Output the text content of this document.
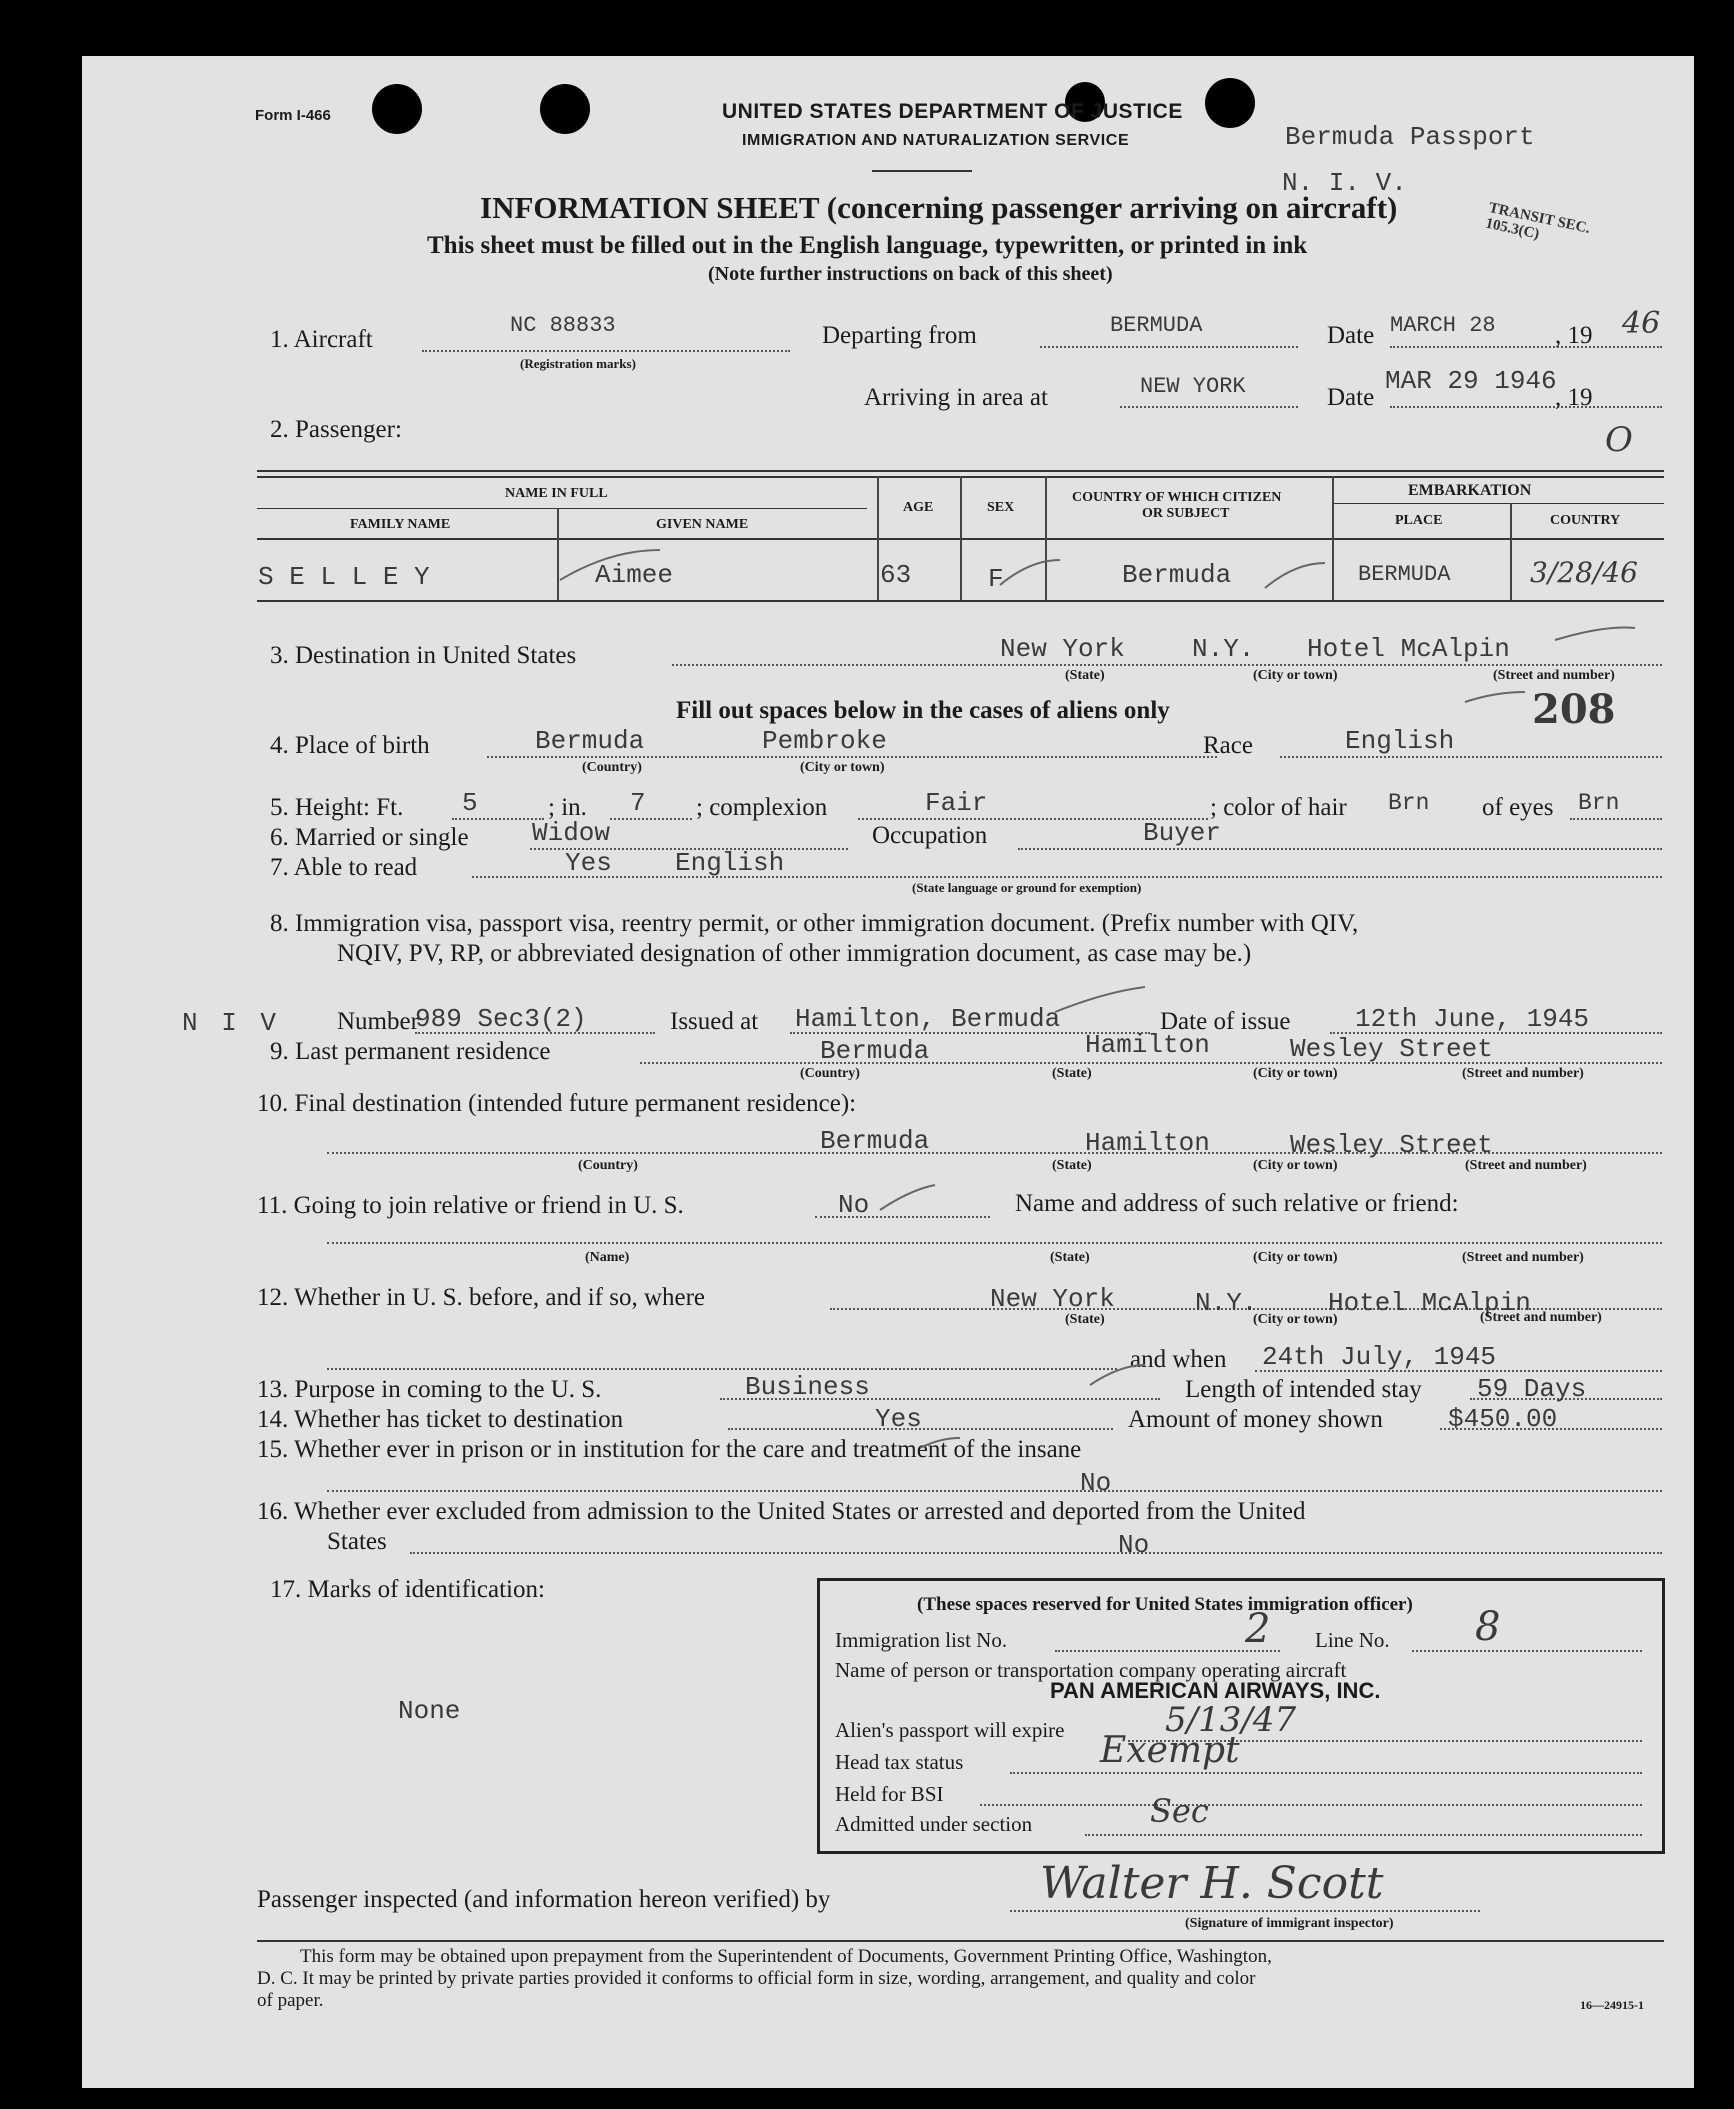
Form I-466	UNITED STATES DEPARTMENT OF JUSTICE
IMMIGRATION AND NATURALIZATION SERVICE	Bermuda Passport
N. I. V.
TRANSIT SEC. 105.3(C)
INFORMATION SHEET (concerning passenger arriving on aircraft)
This sheet must be filled out in the English language, typewritten, or printed in ink
(Note further instructions on back of this sheet)
1. Aircraft
NC 88833
(Registration marks)
Departing from	BERMUDA	Date MARCH 28 , 19 46
Arriving in area at	NEW YORK	Date
MAR 29 1946
, 19
2. Passenger:	O
NAME IN FULL
FAMILY NAME	GIVEN NAME
AGE	SEX
COUNTRY OF WHICH CITIZEN
OR SUBJECT
EMBARKATION
PLACE	COUNTRY
S E L L E Y	Aimee	63	F	Bermuda	BERMUDA	3/28/46
3. Destination in United States	New York	N.Y. Hotel McAlpin
(State)	(City or town)	(Street and number)
Fill out spaces below in the cases of aliens only	208
4. Place of birth	Bermuda	Pembroke
(Country)	(City or town)
Race	English
5. Height: Ft. 5	; in. 7 ; complexion	Fair	; color of hair Brn of eyes Brn
6. Married or single Widow	Occupation	Buyer
7. Able to read	Yes English
(State language or ground for exemption)
8. Immigration visa, passport visa, reentry permit, or other immigration document. (Prefix number with QIV,
NQIV, PV, RP, or abbreviated designation of other immigration document, as case may be.)
N I V Number
989 Sec3(2)	Issued at Hamilton, Bermuda	Date of issue 12th June, 1945
9. Last permanent residence	Bermuda	Hamilton	Wesley Street
(Country)	(State)	(City or town)	(Street and number)
10. Final destination (intended future permanent residence):
Bermuda	Hamilton	Wesley Street
(Country)	(State)	(City or town)	(Street and number)
11. Going to join relative or friend in U. S.	No	Name and address of such relative or friend:
(Name)	(State)	(City or town)	(Street and number)
12. Whether in U. S. before, and if so, where	New York	N.Y.	Hotel McAlpin
(State)	(City or town)	(Street and number)
and when 24th July, 1945
13. Purpose in coming to the U. S.	Business	Length of intended stay 59 Days
14. Whether has ticket to destination	Yes	Amount of money shown	$450.00
15. Whether ever in prison or in institution for the care and treatment of the insane
No
16. Whether ever excluded from admission to the United States or arrested and deported from the United
States	No
17. Marks of identification:
None
(These spaces reserved for United States immigration officer)
Immigration list No.	2 Line No. 8
Name of person or transportation company operating aircraft
PAN AMERICAN AIRWAYS, INC.
Alien's passport will expire	5/13/47
Head tax status	Exempt
Held for BSI
Admitted under section	Sec
Passenger inspected (and information hereon verified) by	Walter H. Scott
(Signature of immigrant inspector)
This form may be obtained upon prepayment from the Superintendent of Documents, Government Printing Office, Washington,
D. C. It may be printed by private parties provided it conforms to official form in size, wording, arrangement, and quality and color
of paper.	16—24915-1
